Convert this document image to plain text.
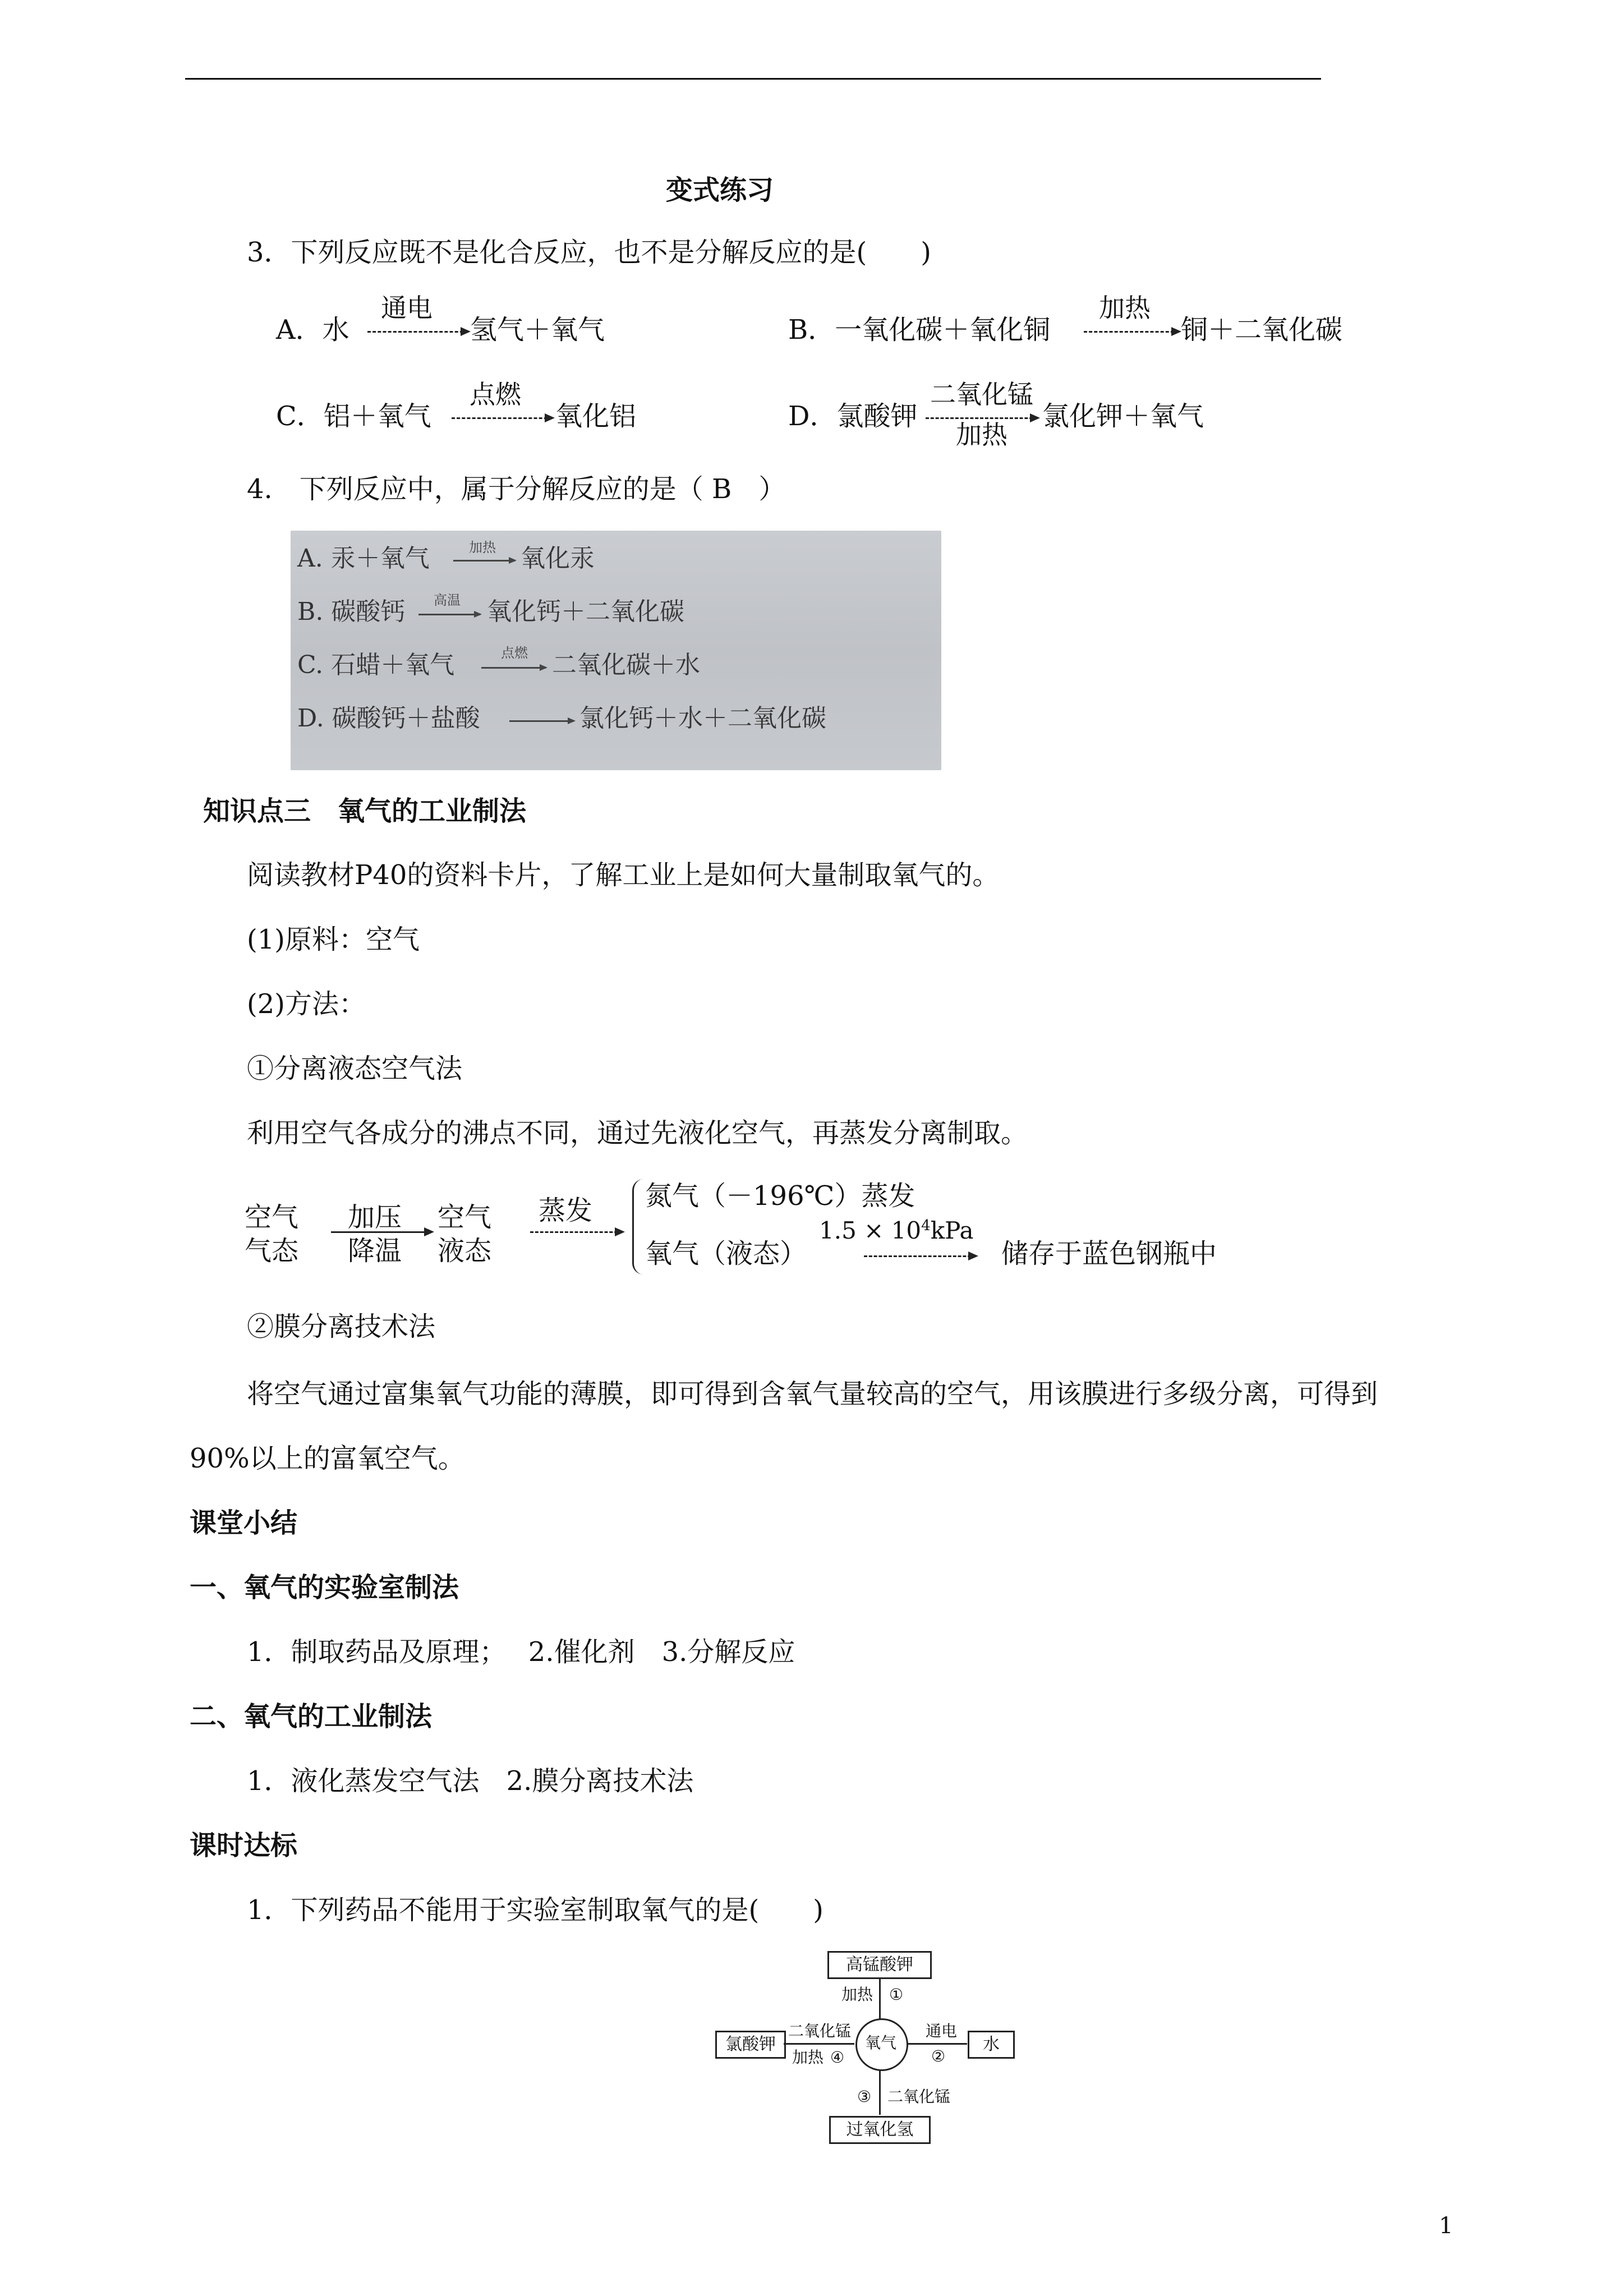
变式练习
3．下列反应既不是化合反应，也不是分解反应的是(　　)
A．水
通电
氢气＋氧气	B．一氧化碳＋氧化铜
加热
铜＋二氧化碳
C．铝＋氧气
点燃
氧化铝	D．氯酸钾
二氧化锰
加热
氯化钾＋氧气
4.　下列反应中，属于分解反应的是（ B　）
A. 汞＋氧气	加热 氧化汞
B. 碳酸钙 高温 氧化钙＋二氧化碳
C. 石蜡＋氧气	点燃 二氧化碳＋水
D. 碳酸钙＋盐酸	氯化钙＋水＋二氧化碳
知识点三　氧气的工业制法
阅读教材P40的资料卡片，了解工业上是如何大量制取氧气的。
(1)原料：空气
(2)方法：
①分离液态空气法
利用空气各成分的沸点不同，通过先液化空气，再蒸发分离制取。
空气
气态
加压
降温
空气
液态
蒸发 氮气（－196℃）蒸发
氧气（液态）
$1.5 \times 10^4kPa$
储存于蓝色钢瓶中
②膜分离技术法
将空气通过富集氧气功能的薄膜，即可得到含氧气量较高的空气，用该膜进行多级分离，可得到
90%以上的富氧空气。
课堂小结
一、氧气的实验室制法
1．制取药品及原理；　 2.催化剂　3.分解反应
二、氧气的工业制法
1．液化蒸发空气法　2.膜分离技术法
课时达标
1．下列药品不能用于实验室制取氧气的是(　　)
高锰酸钾
加热 ①
氧气	水
通电
②
过氧化氢
③ 二氧化锰
氯酸钾
二氧化锰
加热 ④
1
